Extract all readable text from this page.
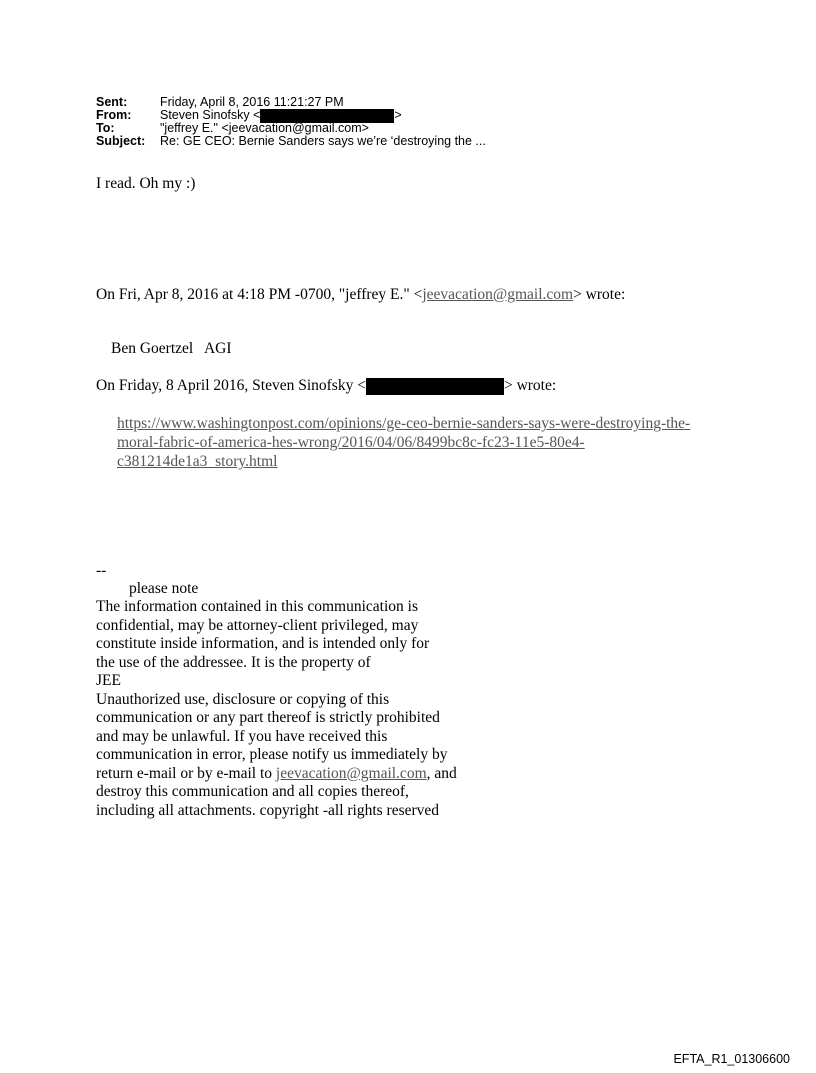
Sent:	Friday, April 8, 2016 11:21:27 PM
From:	Steven Sinofsky <	>
To:	"jeffrey E." <jeevacation@gmail.com>
Subject:	Re: GE CEO: Bernie Sanders says we’re ‘destroying the ...
I read. Oh my :)
On Fri, Apr 8, 2016 at 4:18 PM -0700, "jeffrey E." <jeevacation@gmail.com> wrote:
Ben Goertzel   AGI
On Friday, 8 April 2016, Steven Sinofsky <	> wrote:
https://www.washingtonpost.com/opinions/ge-ceo-bernie-sanders-says-were-destroying-the-
moral-fabric-of-america-hes-wrong/2016/04/06/8499bc8c-fc23-11e5-80e4-
c381214de1a3_story.html
--
please note
The information contained in this communication is
confidential, may be attorney-client privileged, may
constitute inside information, and is intended only for
the use of the addressee. It is the property of
JEE
Unauthorized use, disclosure or copying of this
communication or any part thereof is strictly prohibited
and may be unlawful. If you have received this
communication in error, please notify us immediately by
return e-mail or by e-mail to jeevacation@gmail.com, and
destroy this communication and all copies thereof,
including all attachments. copyright -all rights reserved
EFTA_R1_01306600
